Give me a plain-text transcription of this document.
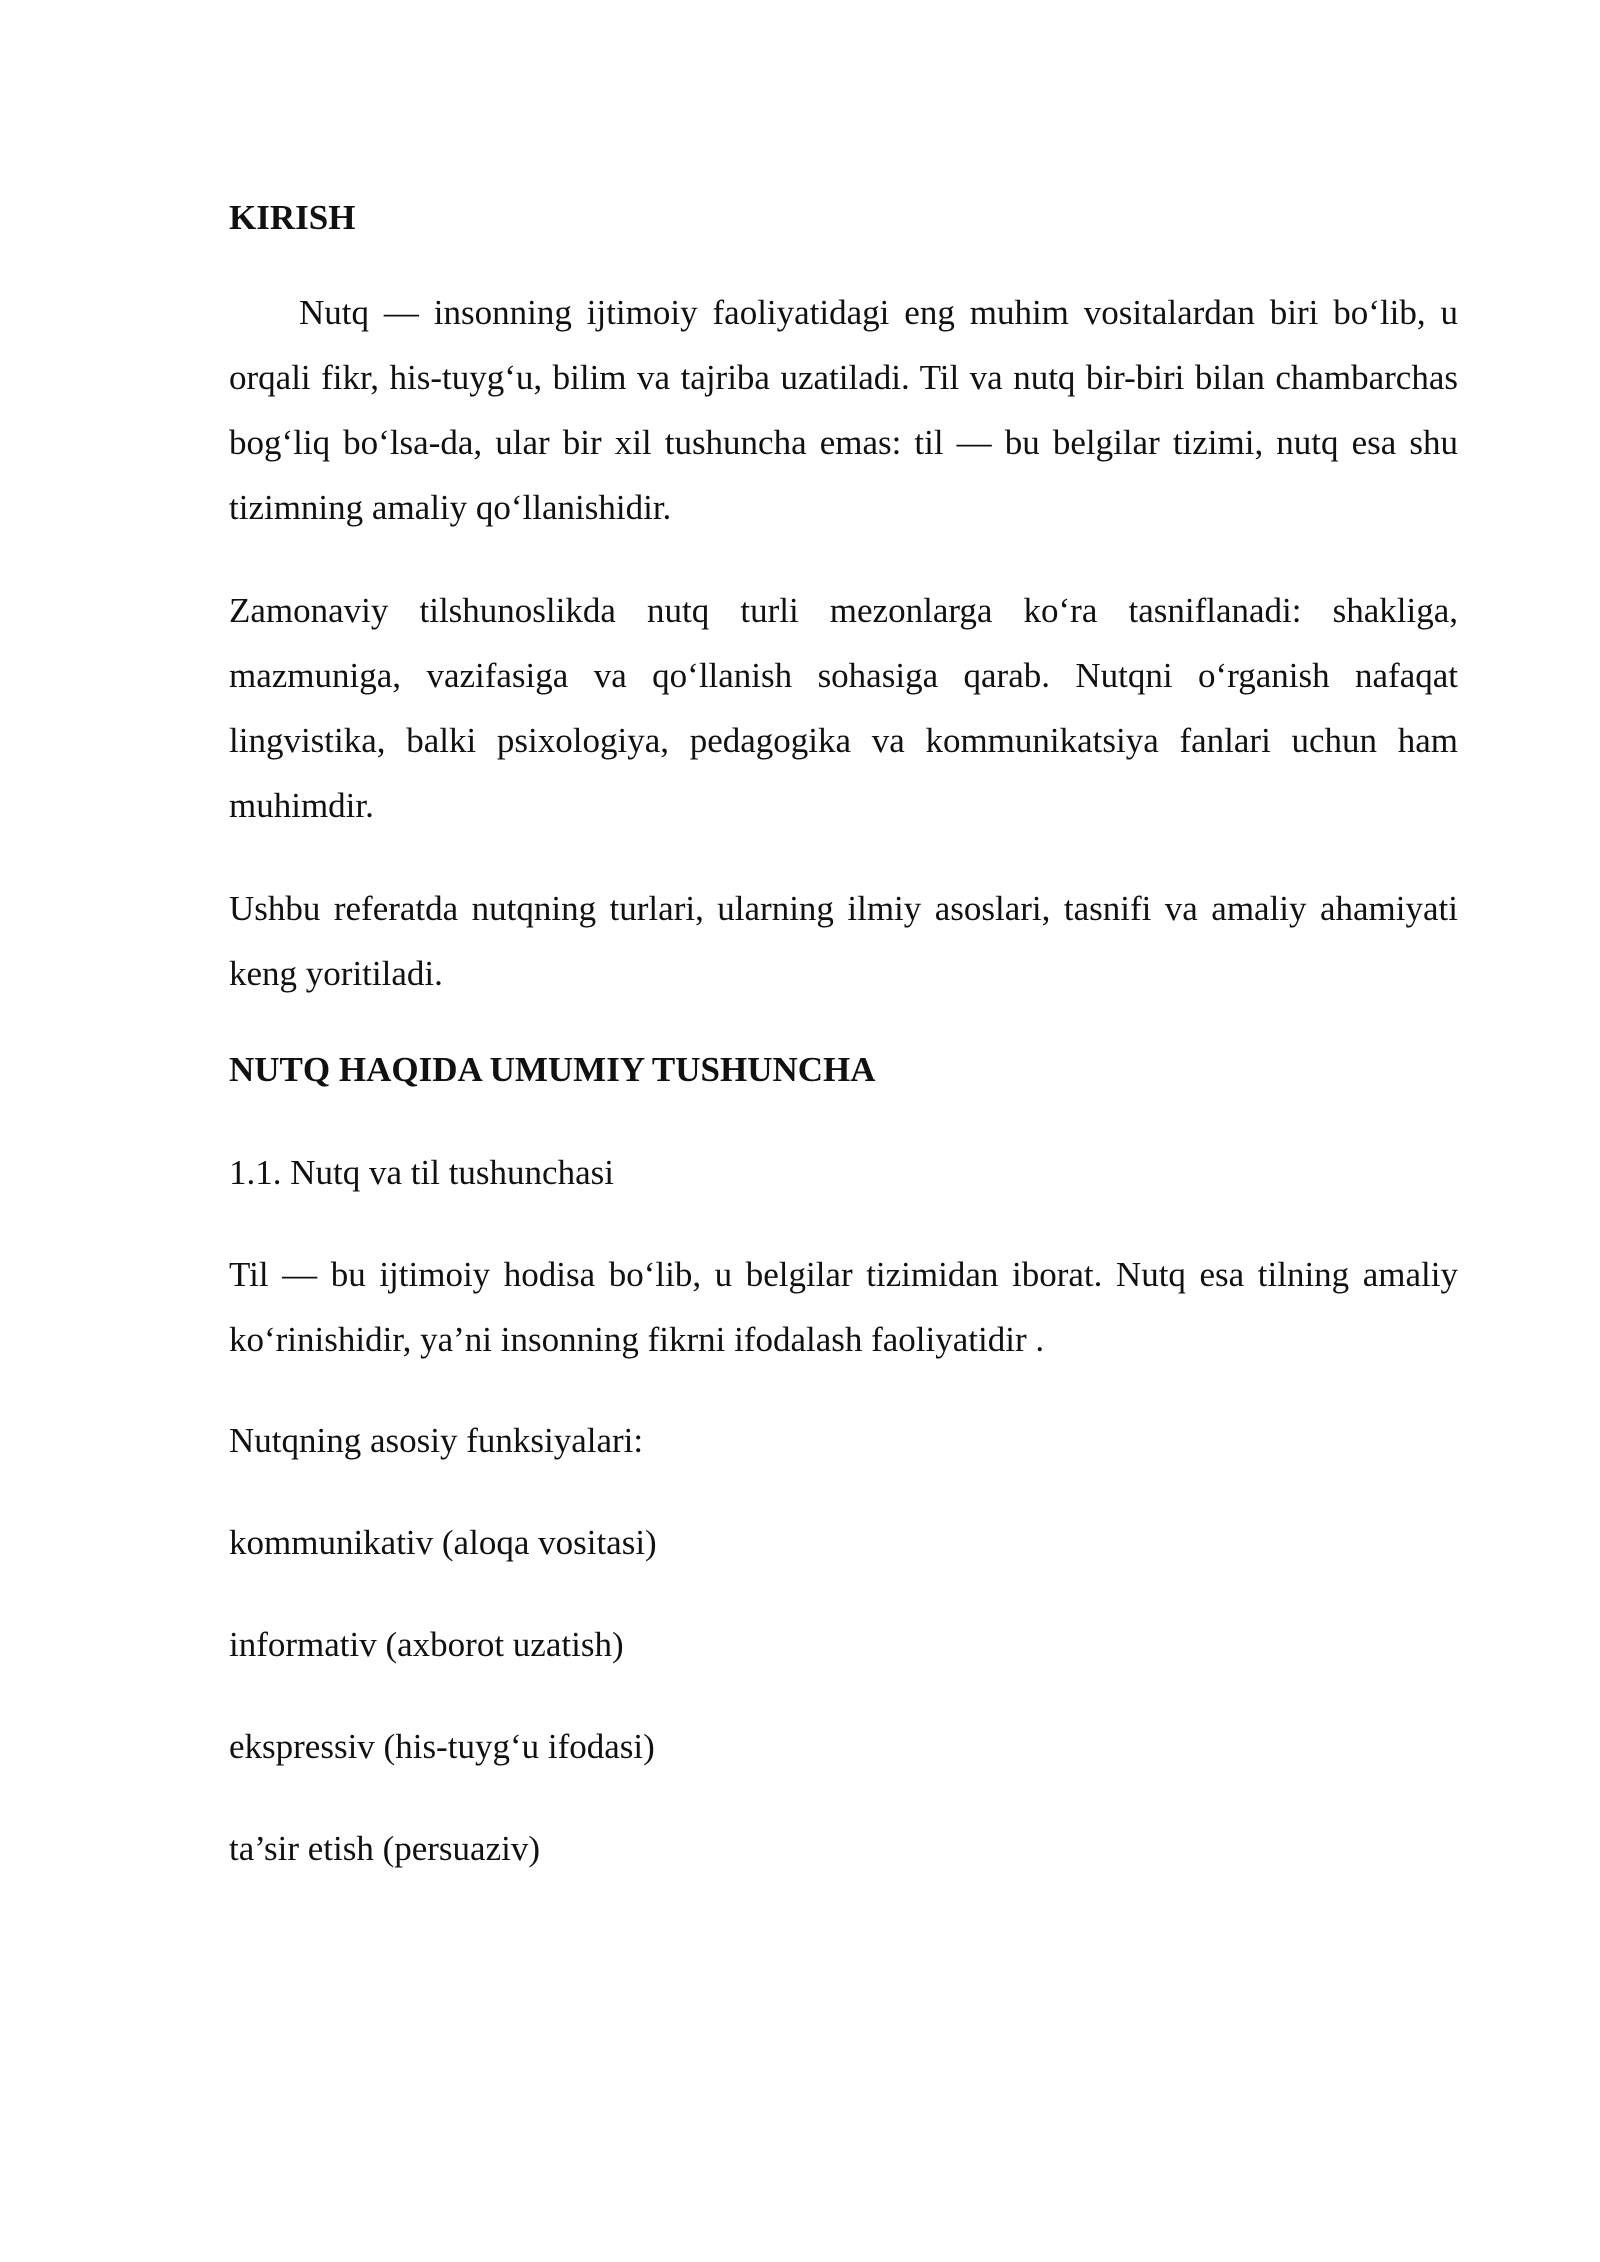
KIRISH

Nutq — insonning ijtimoiy faoliyatidagi eng muhim vositalardan biri bo‘lib, u orqali fikr, his-tuyg‘u, bilim va tajriba uzatiladi. Til va nutq bir-biri bilan chambarchas bog‘liq bo‘lsa-da, ular bir xil tushuncha emas: til — bu belgilar tizimi, nutq esa shu tizimning amaliy qo‘llanishidir.

Zamonaviy tilshunoslikda nutq turli mezonlarga ko‘ra tasniflanadi: shakliga, mazmuniga, vazifasiga va qo‘llanish sohasiga qarab. Nutqni o‘rganish nafaqat lingvistika, balki psixologiya, pedagogika va kommunikatsiya fanlari uchun ham muhimdir.

Ushbu referatda nutqning turlari, ularning ilmiy asoslari, tasnifi va amaliy ahamiyati keng yoritiladi.

NUTQ HAQIDA UMUMIY TUSHUNCHA

1.1. Nutq va til tushunchasi

Til — bu ijtimoiy hodisa bo‘lib, u belgilar tizimidan iborat. Nutq esa tilning amaliy ko‘rinishidir, ya’ni insonning fikrni ifodalash faoliyatidir .

Nutqning asosiy funksiyalari:

kommunikativ (aloqa vositasi)

informativ (axborot uzatish)

ekspressiv (his-tuyg‘u ifodasi)

ta’sir etish (persuaziv)
